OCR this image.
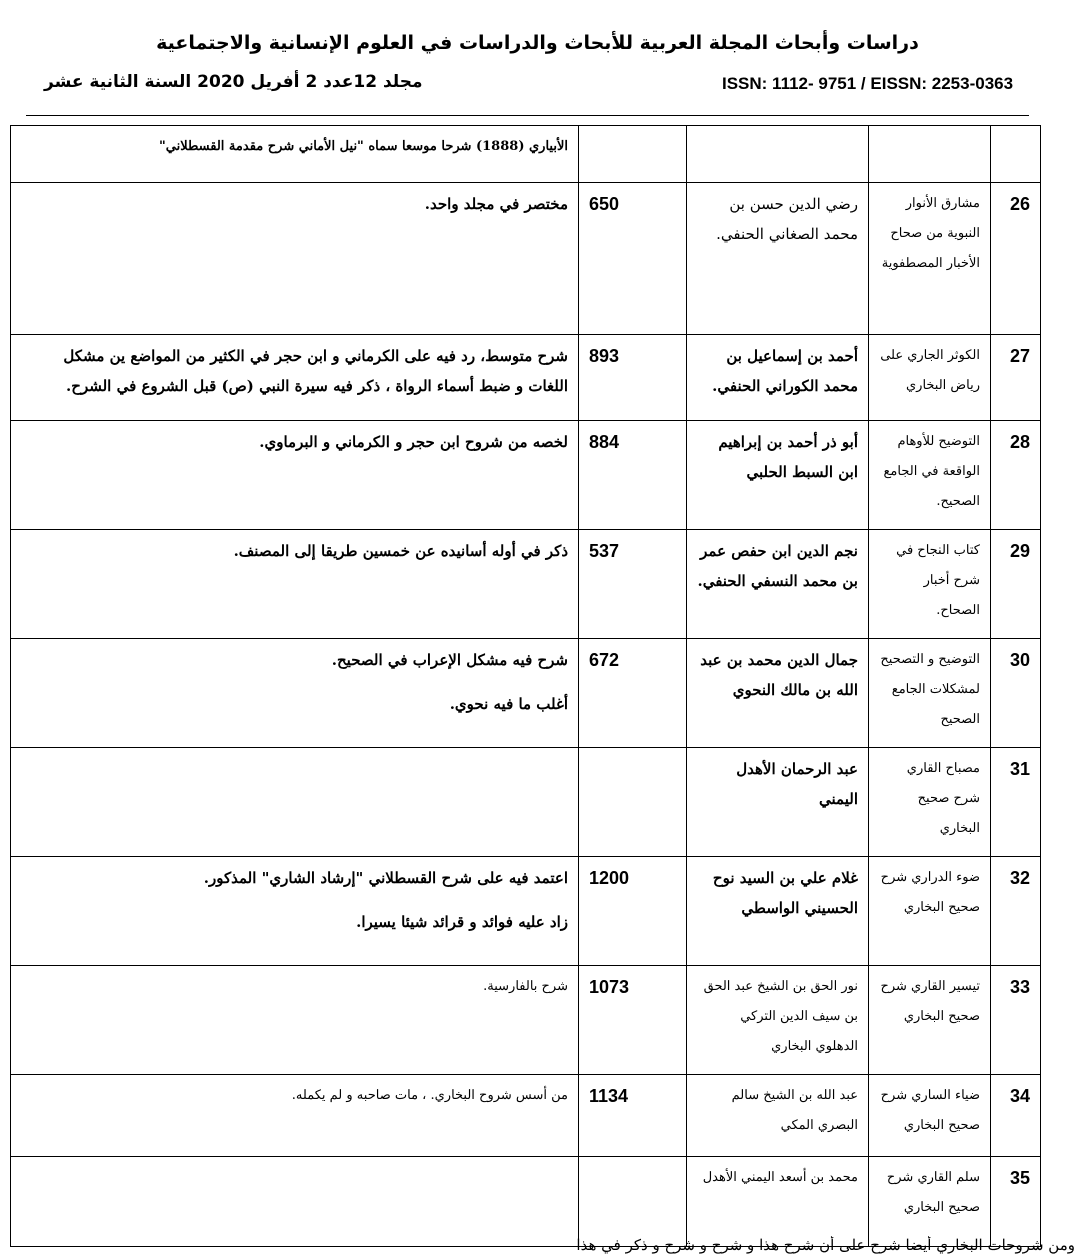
دراسات وأبحاث المجلة العربية للأبحاث والدراسات في العلوم الإنسانية والاجتماعية
ISSN: 1112- 9751 / EISSN: 2253-0363
مجلد 12عدد 2 أفريل 2020 السنة الثانية عشر
				الأبياري (1888) شرحا موسعا سماه "نيل الأماني شرح مقدمة القسطلاني"
26	مشارق الأنوار النبوية من صحاح الأخبار المصطفوية	رضي الدين حسن بن محمد الصغاني الحنفي.	650	مختصر في مجلد واحد.

27	الكوثر الجاري على رياض البخاري	أحمد بن إسماعيل بن محمد الكوراني الحنفي.	893	شرح متوسط، رد فيه على الكرماني و ابن حجر في الكثير من المواضع ين مشكل اللغات و ضبط أسماء الرواة ، ذكر فيه سيرة النبي (ص) قبل الشروع في الشرح.

28	التوضيح للأوهام الواقعة في الجامع الصحيح.	أبو ذر أحمد بن إبراهيم ابن السبط الحلبي	884	لخصه من شروح ابن حجر و الكرماني و البرماوي.

29	كتاب النجاح في شرح أخبار الصحاح.	نجم الدين ابن حفص عمر بن محمد النسفي الحنفي.	537	ذكر في أوله أسانيده عن خمسين طريقا إلى المصنف.

30	التوضيح و التصحيح لمشكلات الجامع الصحيح	جمال الدين محمد بن عبد الله بن مالك النحوي	672	شرح فيه مشكل الإعراب في الصحيح.
أغلب ما فيه نحوي.

31	مصباح القاري شرح صحيح البخاري	عبد الرحمان الأهدل اليمني		
32	ضوء الدراري شرح صحيح البخاري	غلام علي بن السيد نوح الحسيني الواسطي	1200	اعتمد فيه على شرح القسطلاني "إرشاد الشاري" المذكور.
زاد عليه فوائد و قرائد شيئا يسيرا.

33	تيسير القاري شرح صحيح البخاري	نور الحق بن الشيخ عبد الحق بن سيف الدين التركي الدهلوي البخاري	1073	شرح بالفارسية.

34	ضياء الساري شرح صحيح البخاري	عبد الله بن الشيخ سالم البصري المكي	1134	من أسس شروح البخاري. ، مات صاحبه و لم يكمله.

35	سلم القاري شرح صحيح البخاري	محمد بن أسعد اليمني الأهدل		
ومن شروحات البخاري أيضا شرح على أن شرح هذا و شرح و شرح و ذكر في هذا
